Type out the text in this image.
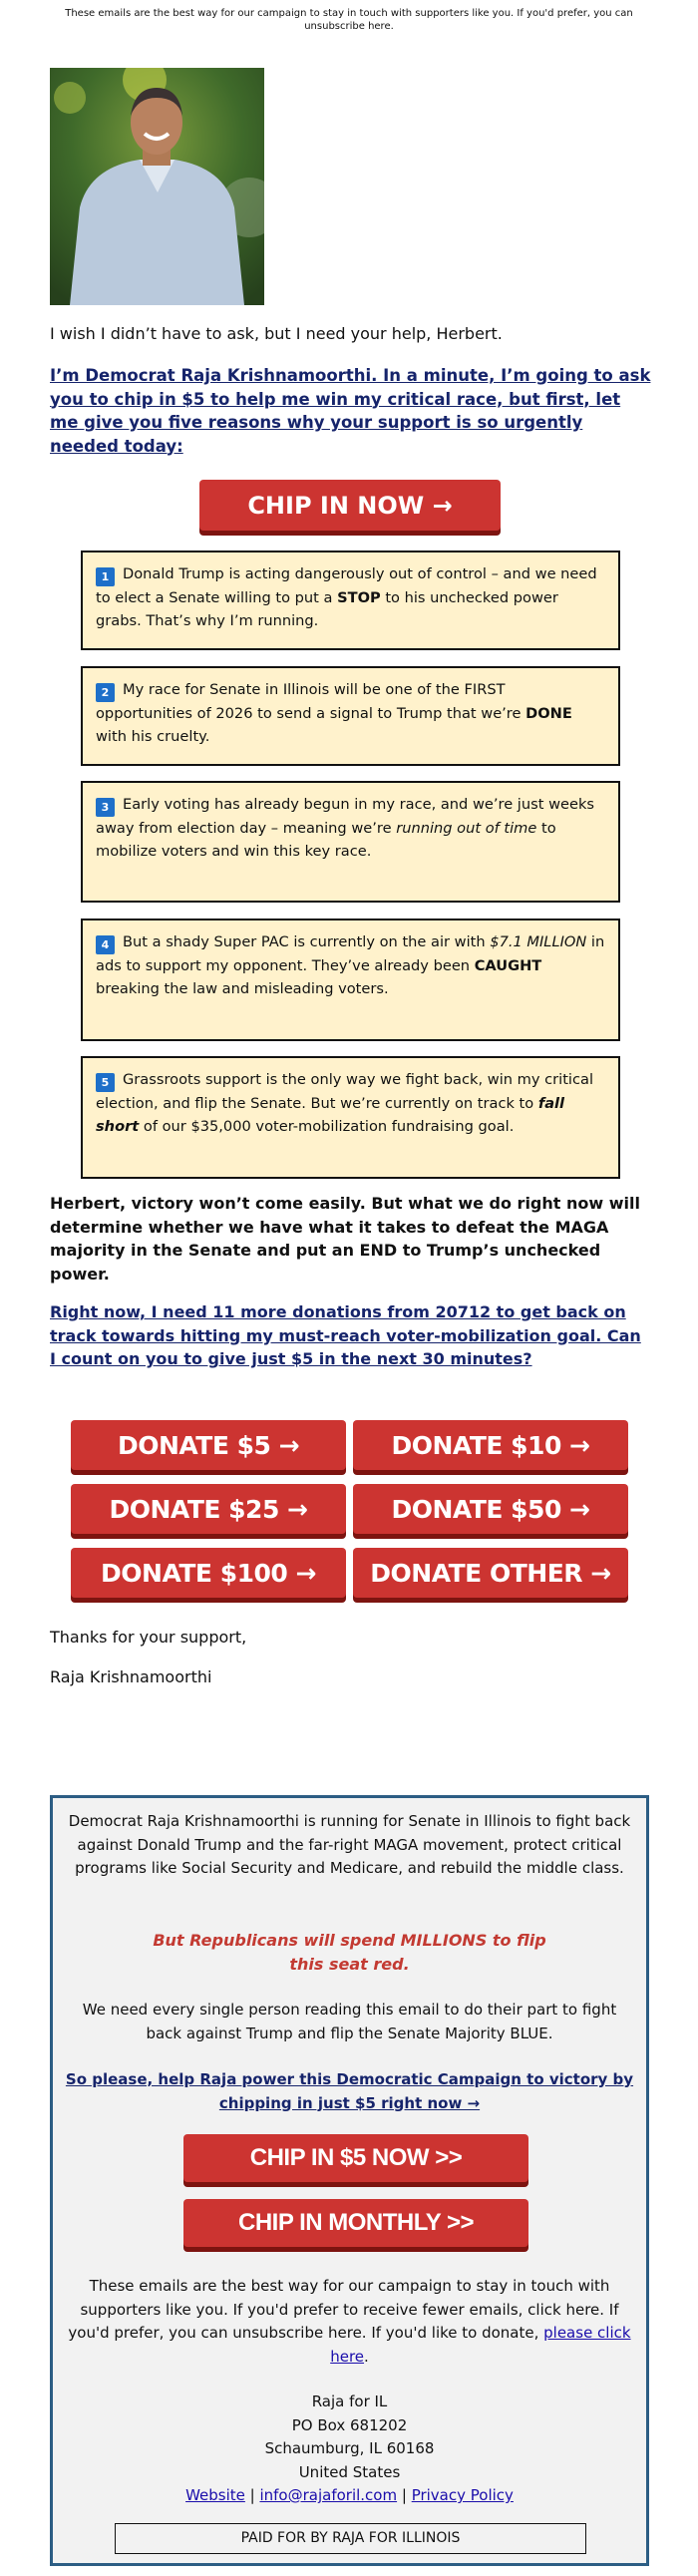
These emails are the best way for our campaign to stay in touch with supporters like you. If you'd prefer, you can unsubscribe here.
I wish I didn’t have to ask, but I need your help, Herbert.
I’m Democrat Raja Krishnamoorthi. In a minute, I’m going to ask you to chip in $5 to help me win my critical race, but first, let me give you five reasons why your support is so urgently needed today:
CHIP IN NOW →
1 Donald Trump is acting dangerously out of control – and we need to elect a Senate willing to put a STOP to his unchecked power grabs. That’s why I’m running.
2 My race for Senate in Illinois will be one of the FIRST opportunities of 2026 to send a signal to Trump that we’re DONE with his cruelty.
3 Early voting has already begun in my race, and we’re just weeks away from election day – meaning we’re running out of time to mobilize voters and win this key race.
4 But a shady Super PAC is currently on the air with $7.1 MILLION in ads to support my opponent. They’ve already been CAUGHT breaking the law and misleading voters.
5 Grassroots support is the only way we fight back, win my critical election, and flip the Senate. But we’re currently on track to fall short of our $35,000 voter-mobilization fundraising goal.
Herbert, victory won’t come easily. But what we do right now will determine whether we have what it takes to defeat the MAGA majority in the Senate and put an END to Trump’s unchecked power.
Right now, I need 11 more donations from 20712 to get back on track towards hitting my must-reach voter-mobilization goal. Can I count on you to give just $5 in the next 30 minutes?
DONATE $5 →	DONATE $10 →
DONATE $25 →	DONATE $50 →
DONATE $100 →	DONATE OTHER →
Thanks for your support,
Raja Krishnamoorthi
Democrat Raja Krishnamoorthi is running for Senate in Illinois to fight back against Donald Trump and the far-right MAGA movement, protect critical programs like Social Security and Medicare, and rebuild the middle class.
But Republicans will spend MILLIONS to flip this seat red.
We need every single person reading this email to do their part to fight back against Trump and flip the Senate Majority BLUE.
So please, help Raja power this Democratic Campaign to victory by chipping in just $5 right now →
CHIP IN $5 NOW >>
CHIP IN MONTHLY >>
These emails are the best way for our campaign to stay in touch with supporters like you. If you'd prefer to receive fewer emails, click here. If you'd prefer, you can unsubscribe here. If you'd like to donate, please click here.
Raja for IL
PO Box 681202
Schaumburg, IL 60168
United States
Website | info@rajaforil.com | Privacy Policy
PAID FOR BY RAJA FOR ILLINOIS
